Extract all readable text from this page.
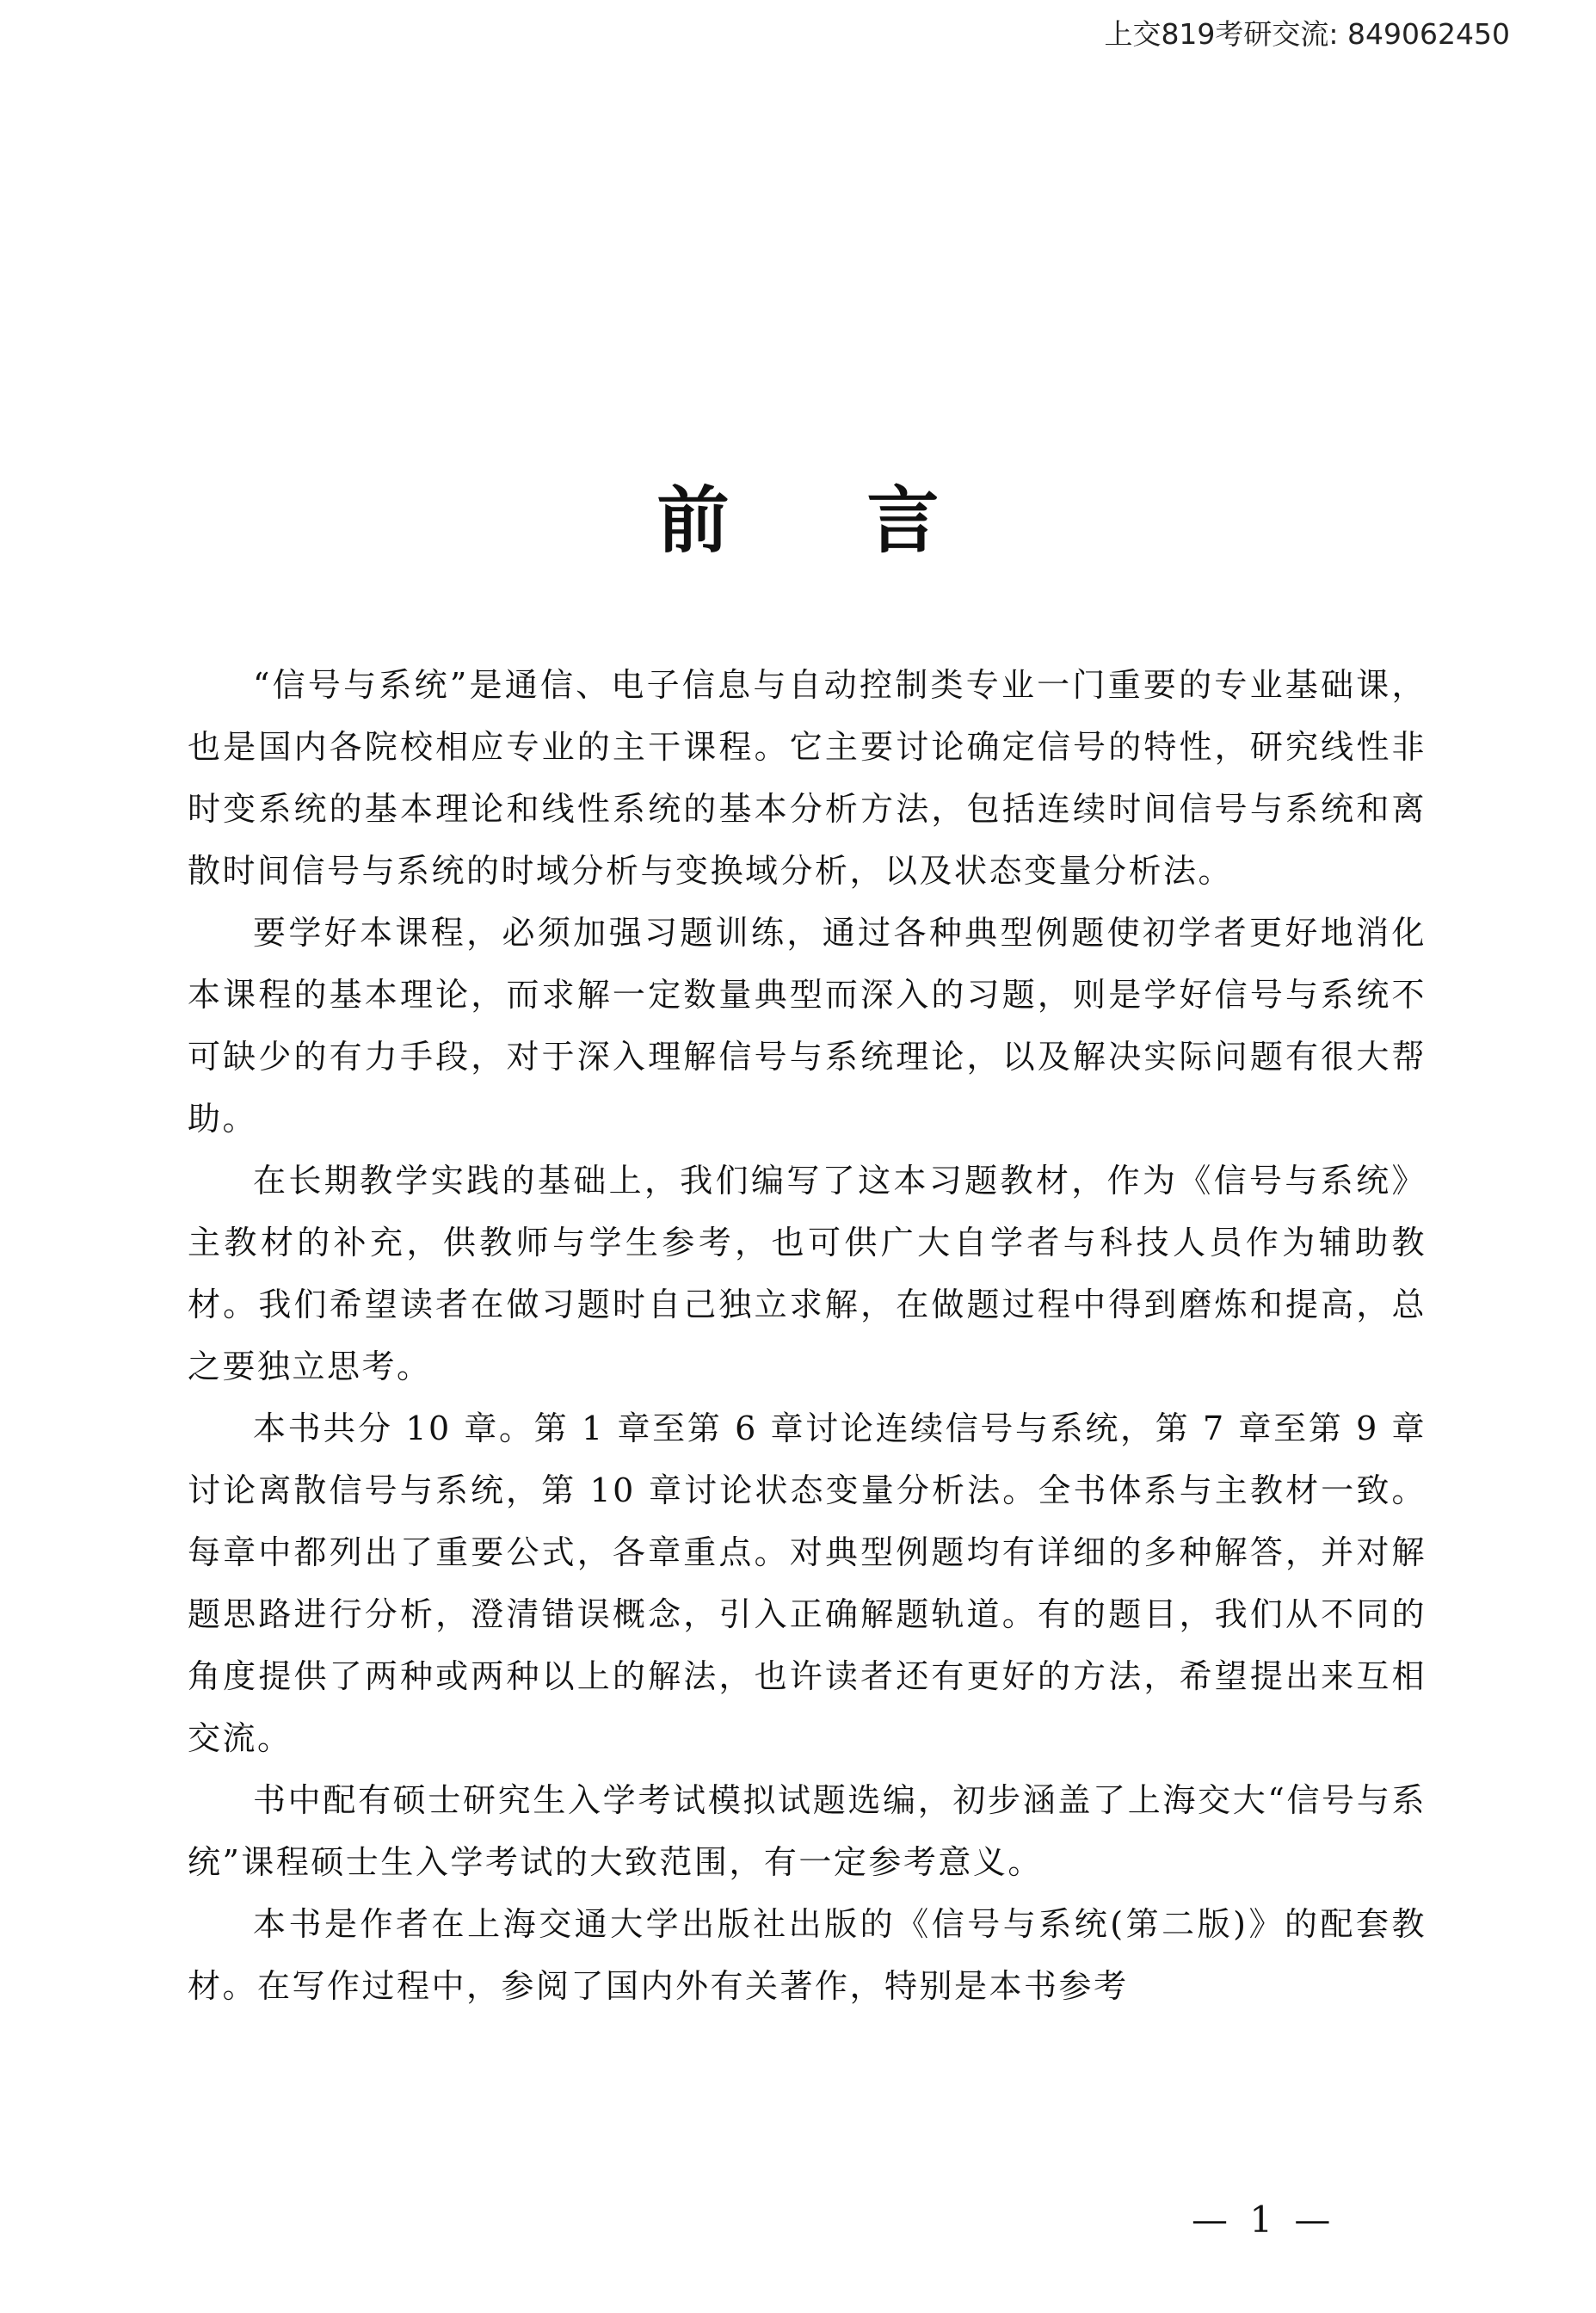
上交819考研交流: 849062450
前言

“信号与系统”是通信、电子信息与自动控制类专业一门重要的专业基础课，也是国内各院校相应专业的主干课程。它主要讨论确定信号的特性，研究线性非时变系统的基本理论和线性系统的基本分析方法，包括连续时间信号与系统和离散时间信号与系统的时域分析与变换域分析，以及状态变量分析法。

要学好本课程，必须加强习题训练，通过各种典型例题使初学者更好地消化本课程的基本理论，而求解一定数量典型而深入的习题，则是学好信号与系统不可缺少的有力手段，对于深入理解信号与系统理论，以及解决实际问题有很大帮助。

在长期教学实践的基础上，我们编写了这本习题教材，作为《信号与系统》主教材的补充，供教师与学生参考，也可供广大自学者与科技人员作为辅助教材。我们希望读者在做习题时自己独立求解，在做题过程中得到磨炼和提高，总之要独立思考。

本书共分 10 章。第 1 章至第 6 章讨论连续信号与系统，第 7 章至第 9 章讨论离散信号与系统，第 10 章讨论状态变量分析法。全书体系与主教材一致。每章中都列出了重要公式，各章重点。对典型例题均有详细的多种解答，并对解题思路进行分析，澄清错误概念，引入正确解题轨道。有的题目，我们从不同的角度提供了两种或两种以上的解法，也许读者还有更好的方法，希望提出来互相交流。

书中配有硕士研究生入学考试模拟试题选编，初步涵盖了上海交大“信号与系统”课程硕士生入学考试的大致范围，有一定参考意义。

本书是作者在上海交通大学出版社出版的《信号与系统(第二版)》的配套教材。在写作过程中，参阅了国内外有关著作，特别是本书参考

— 1 —
